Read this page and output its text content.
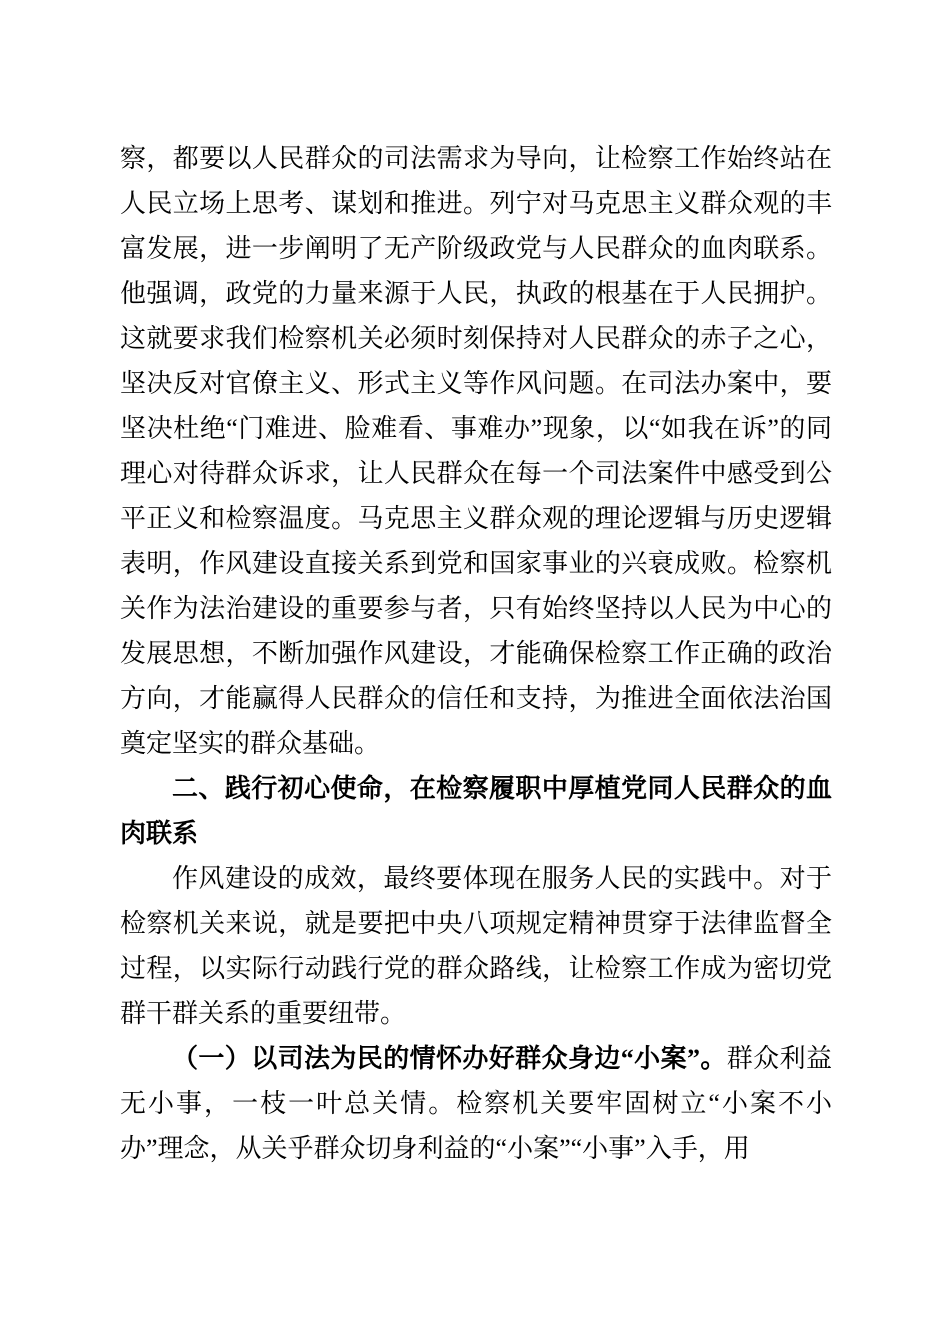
察，都要以人民群众的司法需求为导向，让检察工作始终站在人民立场上思考、谋划和推进。列宁对马克思主义群众观的丰富发展，进一步阐明了无产阶级政党与人民群众的血肉联系。他强调，政党的力量来源于人民，执政的根基在于人民拥护。这就要求我们检察机关必须时刻保持对人民群众的赤子之心，坚决反对官僚主义、形式主义等作风问题。在司法办案中，要坚决杜绝“门难进、脸难看、事难办”现象，以“如我在诉”的同理心对待群众诉求，让人民群众在每一个司法案件中感受到公平正义和检察温度。马克思主义群众观的理论逻辑与历史逻辑表明，作风建设直接关系到党和国家事业的兴衰成败。检察机关作为法治建设的重要参与者，只有始终坚持以人民为中心的发展思想，不断加强作风建设，才能确保检察工作正确的政治方向，才能赢得人民群众的信任和支持，为推进全面依法治国奠定坚实的群众基础。

二、践行初心使命，在检察履职中厚植党同人民群众的血肉联系

作风建设的成效，最终要体现在服务人民的实践中。对于检察机关来说，就是要把中央八项规定精神贯穿于法律监督全过程，以实际行动践行党的群众路线，让检察工作成为密切党群干群关系的重要纽带。

（一）以司法为民的情怀办好群众身边“小案”。群众利益无小事，一枝一叶总关情。检察机关要牢固树立“小案不小办”理念，从关乎群众切身利益的“小案”“小事”入手，用
